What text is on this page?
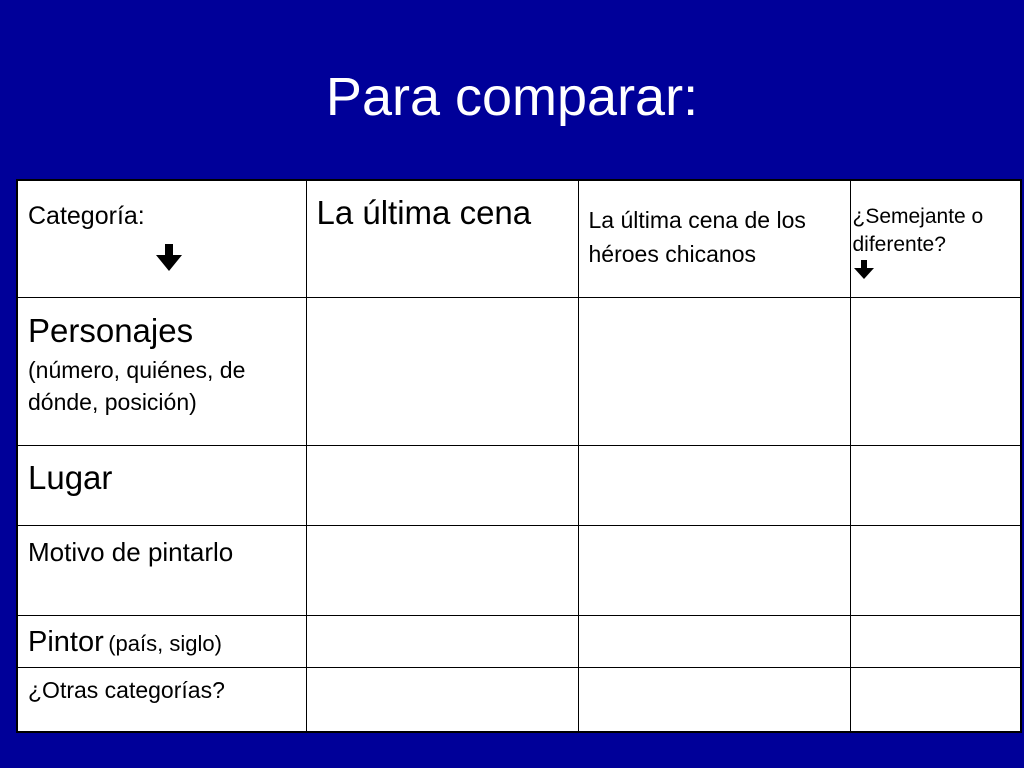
Para comparar:
Categoría:	La última cena	La última cena de los héroes chicanos	¿Semejante o diferente?

Personajes
(número, quiénes, de dónde, posición)			

Lugar			

Motivo de pintarlo			

Pintor (país, siglo)			

¿Otras categorías?			
